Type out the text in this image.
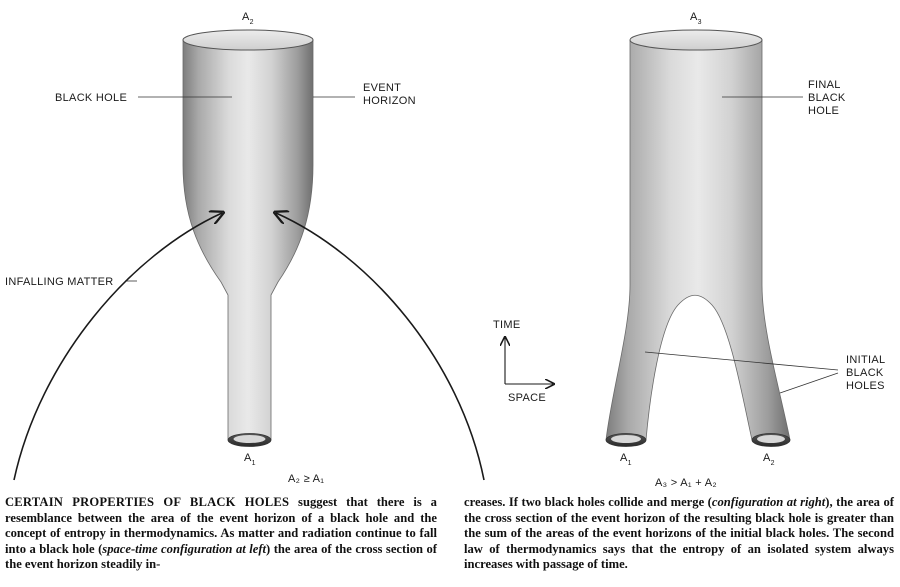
$A_2$
BLACK HOLE
EVENT HORIZON
INFALLING MATTER
$A_1$
A₂ ≥ A₁
$A_3$
FINAL BLACK HOLE
INITIAL BLACK HOLES
TIME
SPACE
$A_1$	$A_2$
A₃ > A₁ + A₂
CERTAIN PROPERTIES OF BLACK HOLES suggest that there is a resemblance between the area of the event horizon of a black hole and the concept of entropy in thermodynamics. As matter and radiation continue to fall into a black hole (space-time configuration at left) the area of the cross section of the event horizon steadily in-
creases. If two black holes collide and merge (configuration at right), the area of the cross section of the event horizon of the resulting black hole is greater than the sum of the areas of the event horizons of the initial black holes. The second law of thermodynamics says that the entropy of an isolated system always increases with passage of time.
